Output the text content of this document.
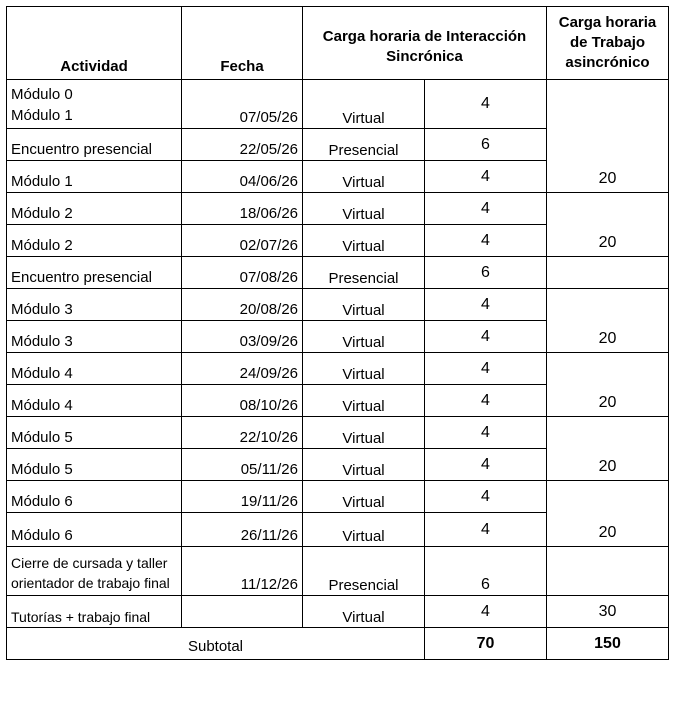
Actividad	Fecha	Carga horaria de Interacción Sincrónica		Carga horaria de Trabajo asincrónico

Módulo 0
Módulo 1	07/05/26	Virtual	4	20
Encuentro presencial	22/05/26	Presencial	6	
Módulo 1	04/06/26	Virtual	4	
Módulo 2	18/06/26	Virtual	4	20
Módulo 2	02/07/26	Virtual	4	
Encuentro presencial	07/08/26	Presencial	6	
Módulo 3	20/08/26	Virtual	4	20
Módulo 3	03/09/26	Virtual	4	
Módulo 4	24/09/26	Virtual	4	20
Módulo 4	08/10/26	Virtual	4	
Módulo 5	22/10/26	Virtual	4	20
Módulo 5	05/11/26	Virtual	4	
Módulo 6	19/11/26	Virtual	4	20
Módulo 6	26/11/26	Virtual	4	

Cierre de cursada y taller
orientador de trabajo final	11/12/26	Presencial	6	
Tutorías + trabajo final		Virtual	4	30
Subtotal			70	150
